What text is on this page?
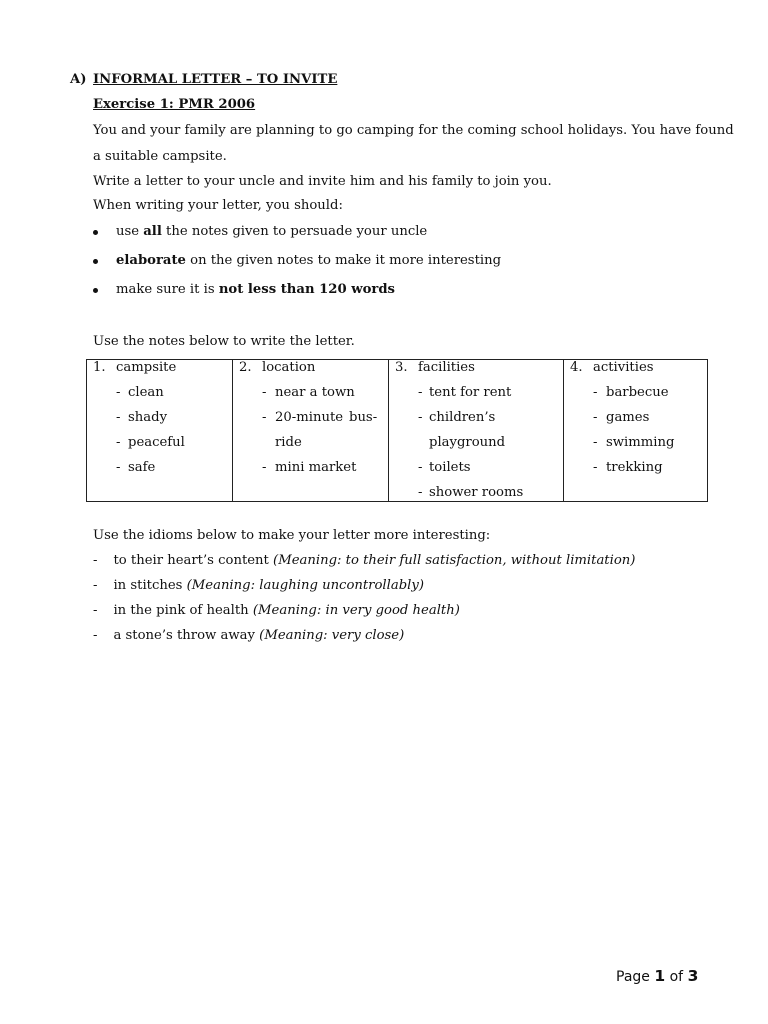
A) INFORMAL LETTER – TO INVITE
Exercise 1: PMR 2006
You and your family are planning to go camping for the coming school holidays. You have found
a suitable campsite.
Write a letter to your uncle and invite him and his family to join you.
When writing your letter, you should:
use all the notes given to persuade your uncle
elaborate on the given notes to make it more interesting
make sure it is not less than 120 words
Use the notes below to write the letter.
1. campsite
- clean
- shady
- peaceful
- safe

2. location
- near a town
- 20-minute bus-
ride
- mini market

3. facilities
- tent for rent
- children’s
playground
- toilets
- shower rooms

4. activities
- barbecue
- games
- swimming
- trekking
Use the idioms below to make your letter more interesting:
- to their heart’s content (Meaning: to their full satisfaction, without limitation)
- in stitches (Meaning: laughing uncontrollably)
- in the pink of health (Meaning: in very good health)
- a stone’s throw away (Meaning: very close)
Page 1 of 3
